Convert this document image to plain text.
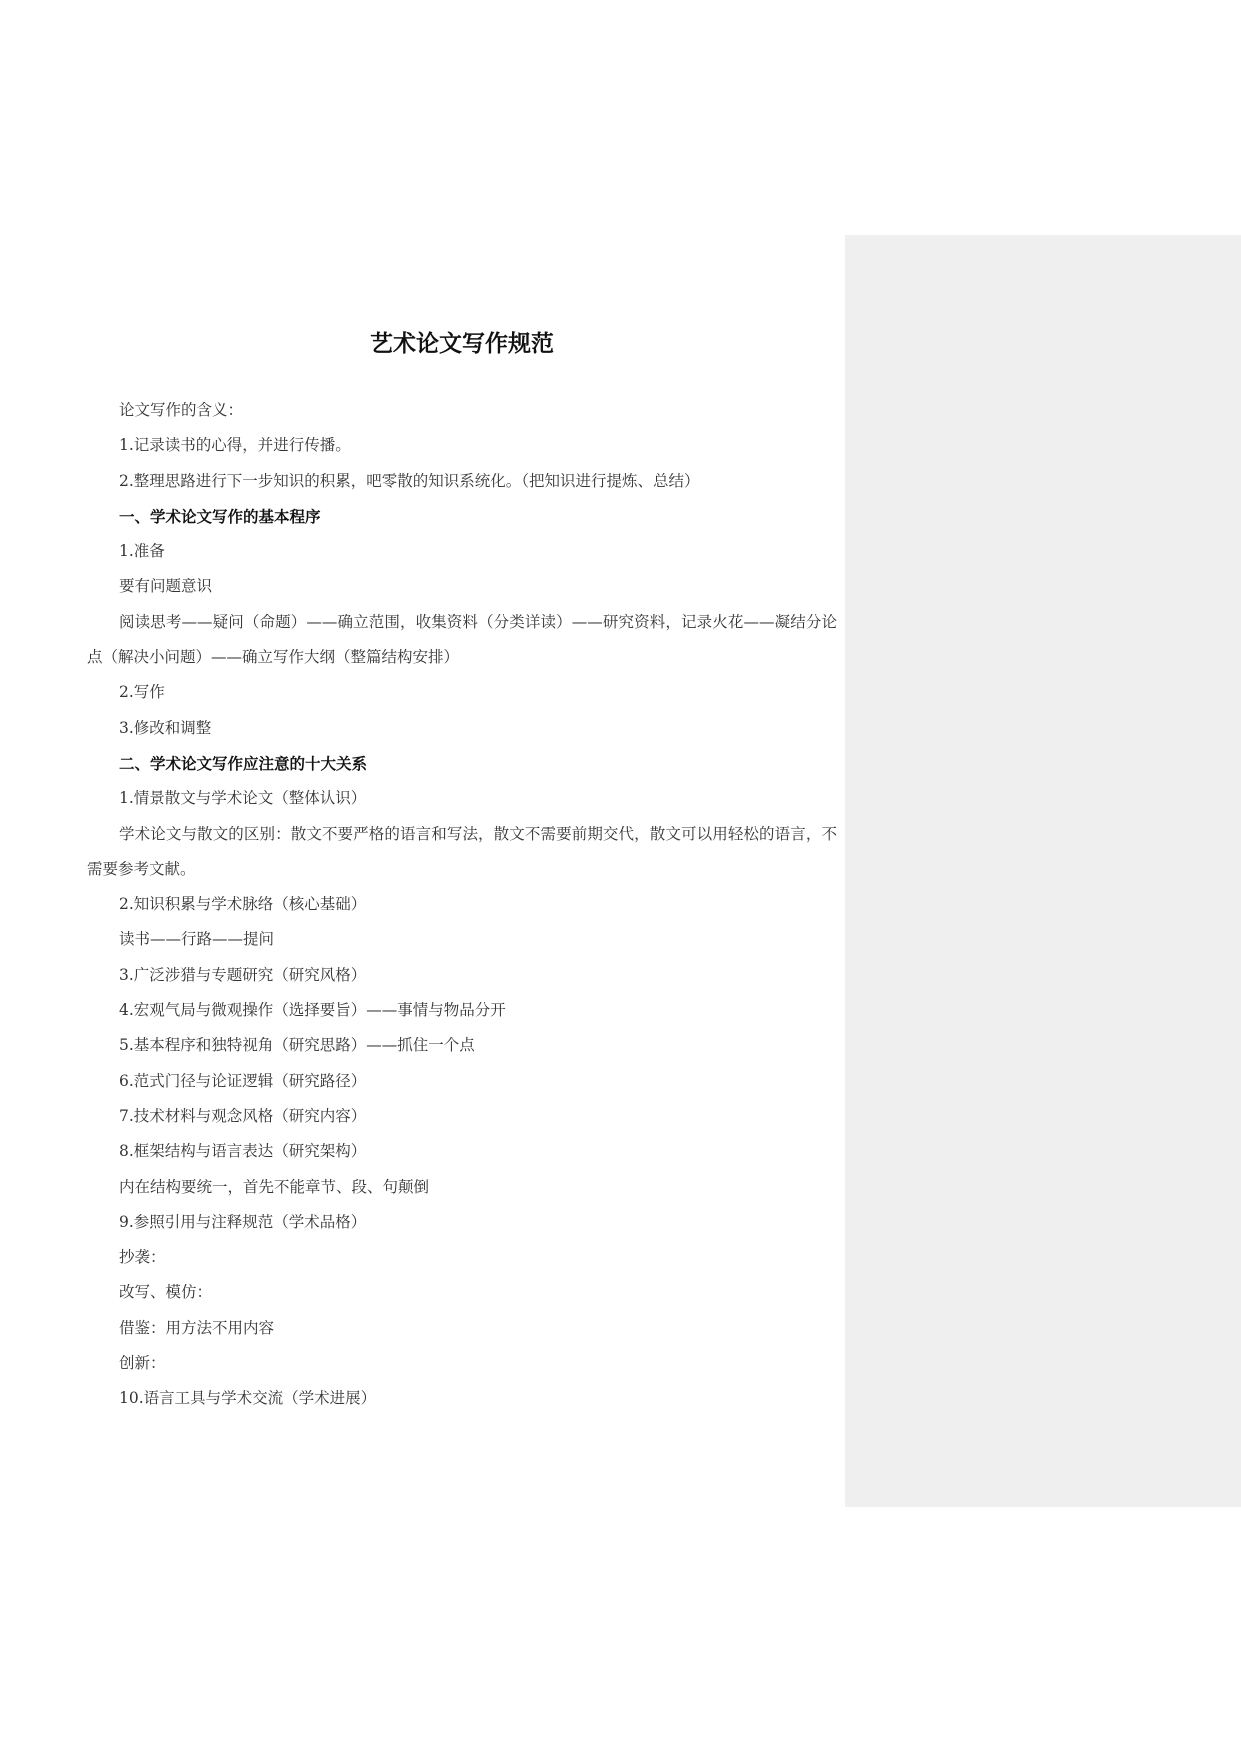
艺术论文写作规范

论文写作的含义：

1.记录读书的心得，并进行传播。

2.整理思路进行下一步知识的积累，吧零散的知识系统化。（把知识进行提炼、总结）

一、学术论文写作的基本程序

1.准备

要有问题意识

阅读思考——疑问（命题）——确立范围，收集资料（分类详读）——研究资料，记录火花——凝结分论点（解决小问题）——确立写作大纲（整篇结构安排）

2.写作

3.修改和调整

二、学术论文写作应注意的十大关系

1.情景散文与学术论文（整体认识）

学术论文与散文的区别：散文不要严格的语言和写法，散文不需要前期交代，散文可以用轻松的语言，不需要参考文献。

2.知识积累与学术脉络（核心基础）

读书——行路——提问

3.广泛涉猎与专题研究（研究风格）

4.宏观气局与微观操作（选择要旨）——事情与物品分开

5.基本程序和独特视角（研究思路）——抓住一个点

6.范式门径与论证逻辑（研究路径）

7.技术材料与观念风格（研究内容）

8.框架结构与语言表达（研究架构）

内在结构要统一，首先不能章节、段、句颠倒

9.参照引用与注释规范（学术品格）

抄袭：

改写、模仿：

借鉴：用方法不用内容

创新：

10.语言工具与学术交流（学术进展）
